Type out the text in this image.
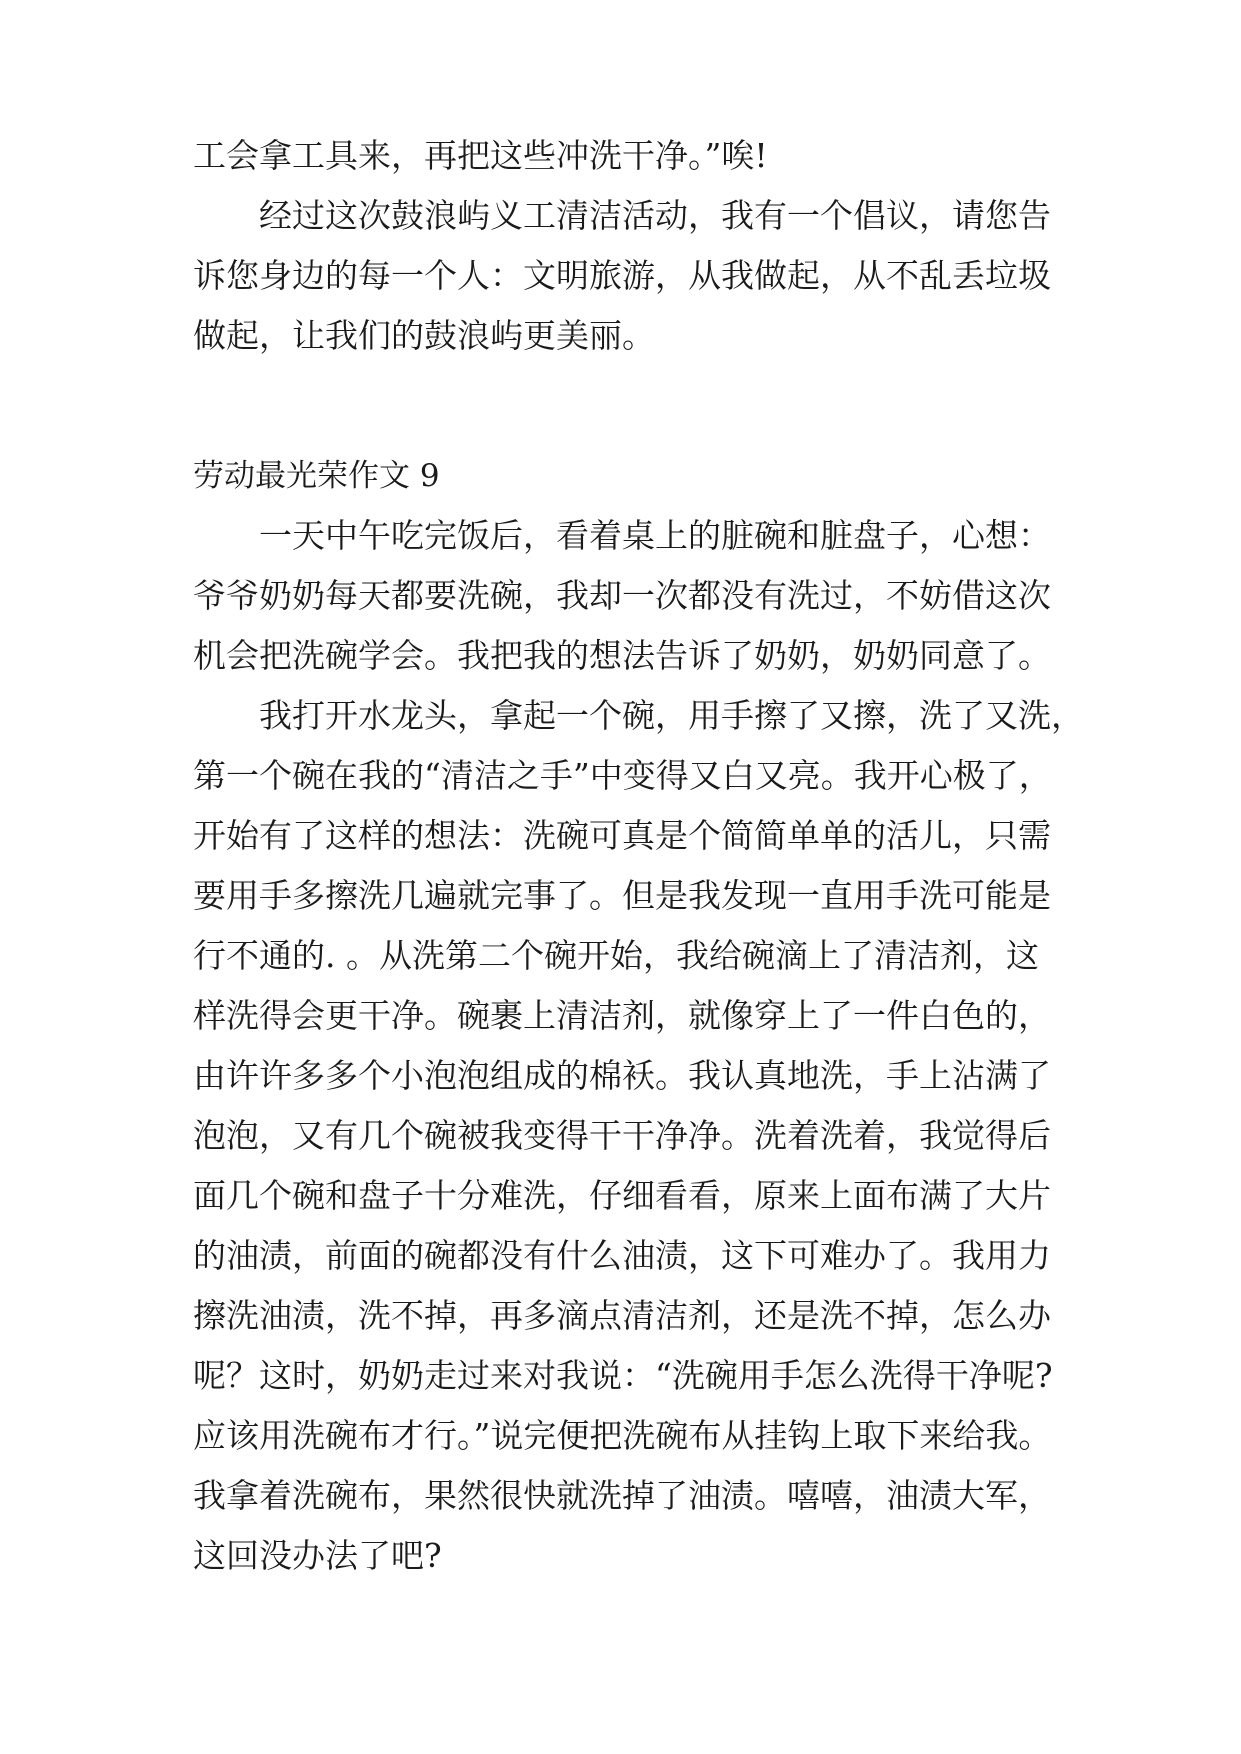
工会拿工具来，再把这些冲洗干净。”唉!
经过这次鼓浪屿义工清洁活动，我有一个倡议，请您告
诉您身边的每一个人：文明旅游，从我做起，从不乱丢垃圾
做起，让我们的鼓浪屿更美丽。
劳动最光荣作文 9
一天中午吃完饭后，看着桌上的脏碗和脏盘子，心想：
爷爷奶奶每天都要洗碗，我却一次都没有洗过，不妨借这次
机会把洗碗学会。我把我的想法告诉了奶奶，奶奶同意了。
我打开水龙头，拿起一个碗，用手擦了又擦，洗了又洗，
第一个碗在我的“清洁之手”中变得又白又亮。我开心极了，
开始有了这样的想法：洗碗可真是个简简单单的活儿，只需
要用手多擦洗几遍就完事了。但是我发现一直用手洗可能是
行不通的. 。从洗第二个碗开始，我给碗滴上了清洁剂，这
样洗得会更干净。碗裹上清洁剂，就像穿上了一件白色的，
由许许多多个小泡泡组成的棉袄。我认真地洗，手上沾满了
泡泡，又有几个碗被我变得干干净净。洗着洗着，我觉得后
面几个碗和盘子十分难洗，仔细看看，原来上面布满了大片
的油渍，前面的碗都没有什么油渍，这下可难办了。我用力
擦洗油渍，洗不掉，再多滴点清洁剂，还是洗不掉，怎么办
呢？这时，奶奶走过来对我说：“洗碗用手怎么洗得干净呢?
应该用洗碗布才行。”说完便把洗碗布从挂钩上取下来给我。
我拿着洗碗布，果然很快就洗掉了油渍。嘻嘻，油渍大军，
这回没办法了吧?
